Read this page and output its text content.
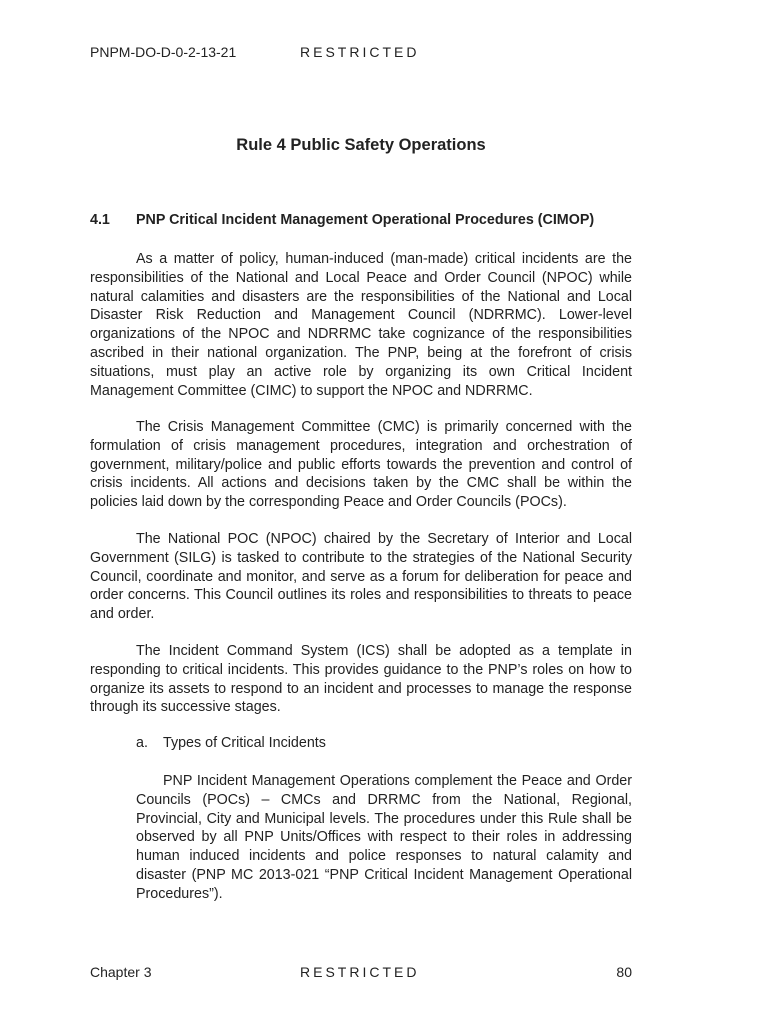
PNPM-DO-D-0-2-13-21	RESTRICTED
Rule 4 Public Safety Operations
4.1 PNP Critical Incident Management Operational Procedures (CIMOP)

As a matter of policy, human-induced (man-made) critical incidents are the responsibilities of the National and Local Peace and Order Council (NPOC) while natural calamities and disasters are the responsibilities of the National and Local Disaster Risk Reduction and Management Council (NDRRMC). Lower-level organizations of the NPOC and NDRRMC take cognizance of the responsibilities ascribed in their national organization. The PNP, being at the forefront of crisis situations, must play an active role by organizing its own Critical Incident Management Committee (CIMC) to support the NPOC and NDRRMC.

The Crisis Management Committee (CMC) is primarily concerned with the formulation of crisis management procedures, integration and orchestration of government, military/police and public efforts towards the prevention and control of crisis incidents. All actions and decisions taken by the CMC shall be within the policies laid down by the corresponding Peace and Order Councils (POCs).

The National POC (NPOC) chaired by the Secretary of Interior and Local Government (SILG) is tasked to contribute to the strategies of the National Security Council, coordinate and monitor, and serve as a forum for deliberation for peace and order concerns. This Council outlines its roles and responsibilities to threats to peace and order.

The Incident Command System (ICS) shall be adopted as a template in responding to critical incidents. This provides guidance to the PNP’s roles on how to organize its assets to respond to an incident and processes to manage the response through its successive stages.

a. Types of Critical Incidents

PNP Incident Management Operations complement the Peace and Order Councils (POCs) – CMCs and DRRMC from the National, Regional, Provincial, City and Municipal levels. The procedures under this Rule shall be observed by all PNP Units/Offices with respect to their roles in addressing human induced incidents and police responses to natural calamity and disaster (PNP MC 2013-021 “PNP Critical Incident Management Operational Procedures”).

Chapter 3	RESTRICTED	80
